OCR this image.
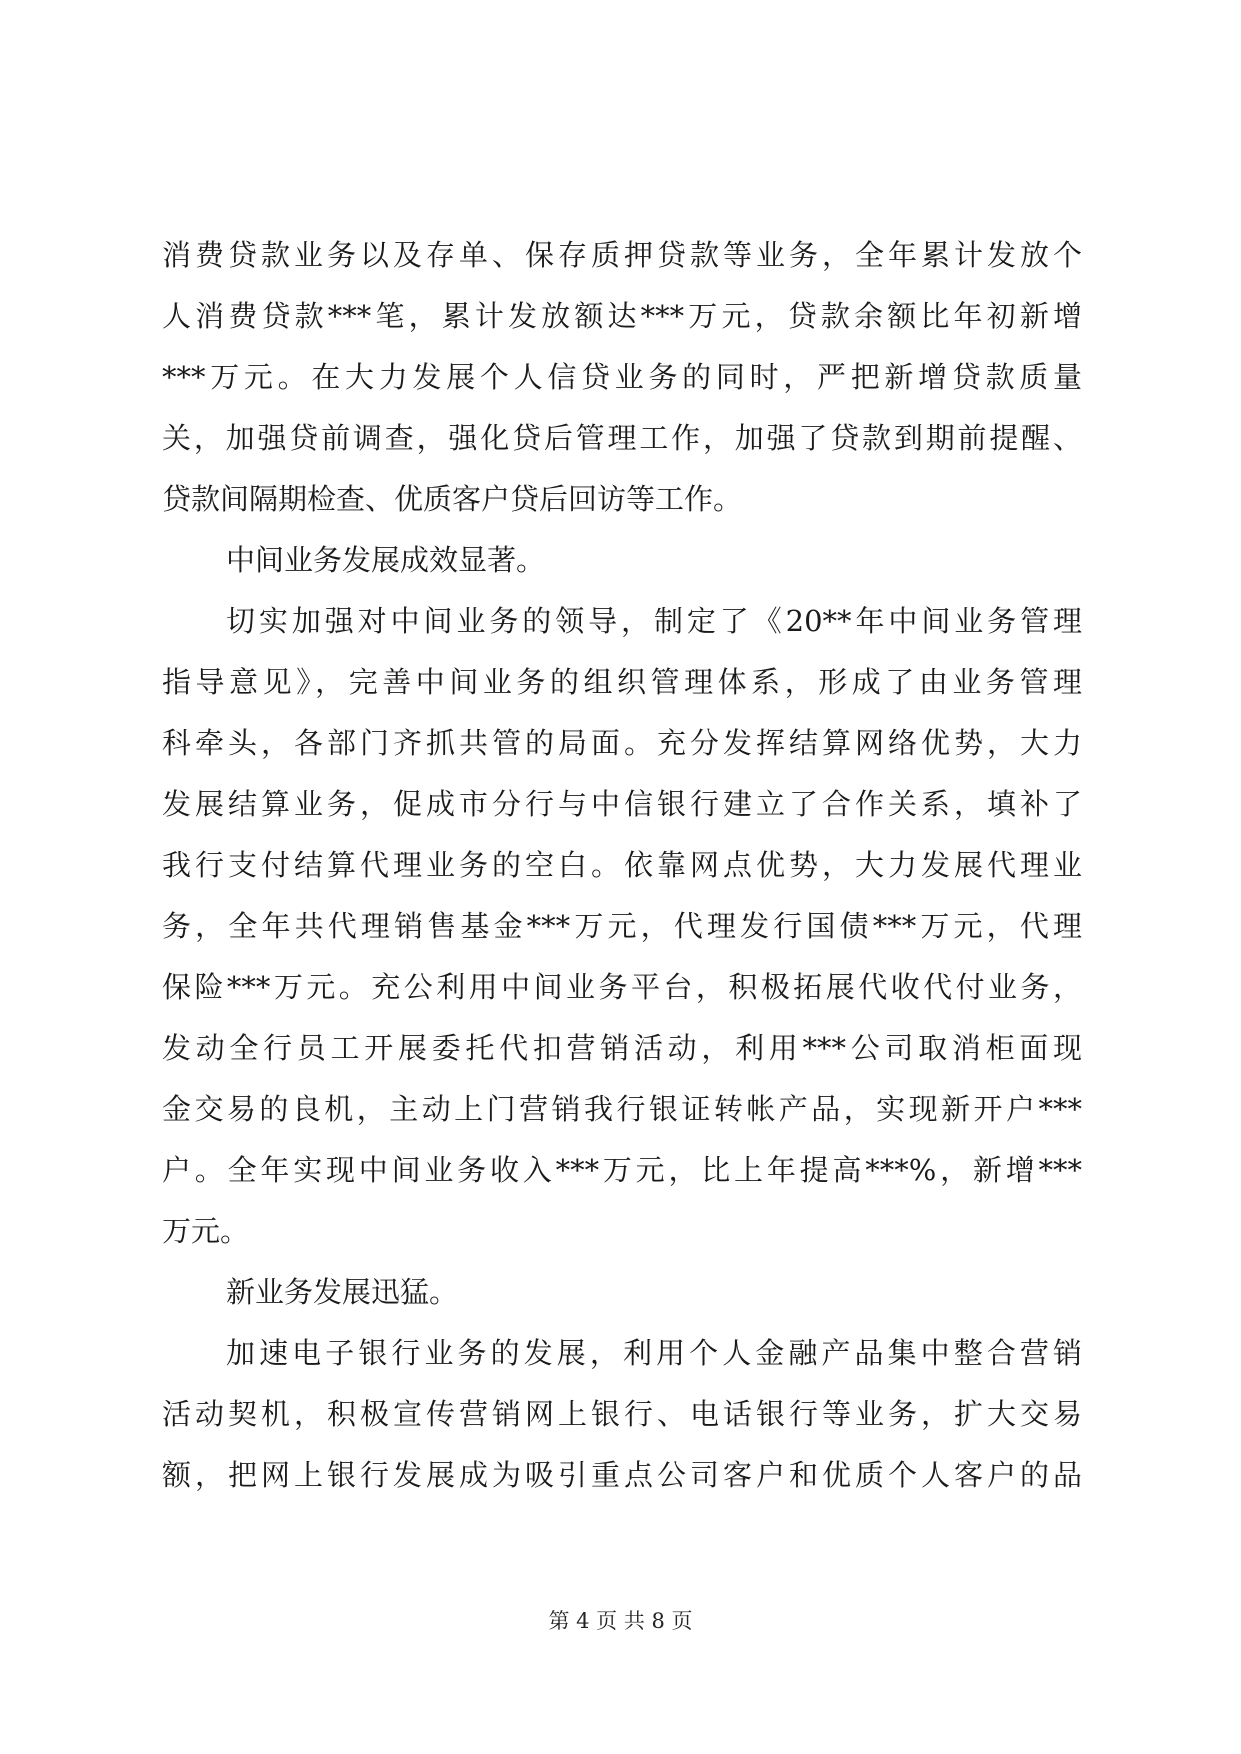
消费贷款业务以及存单、保存质押贷款等业务，全年累计发放个
人消费贷款***笔，累计发放额达***万元，贷款余额比年初新增
***万元。在大力发展个人信贷业务的同时，严把新增贷款质量
关，加强贷前调查，强化贷后管理工作，加强了贷款到期前提醒、
贷款间隔期检查、优质客户贷后回访等工作。
中间业务发展成效显著。
切实加强对中间业务的领导，制定了《20**年中间业务管理
指导意见》，完善中间业务的组织管理体系，形成了由业务管理
科牵头，各部门齐抓共管的局面。充分发挥结算网络优势，大力
发展结算业务，促成市分行与中信银行建立了合作关系，填补了
我行支付结算代理业务的空白。依靠网点优势，大力发展代理业
务，全年共代理销售基金***万元，代理发行国债***万元，代理
保险***万元。充公利用中间业务平台，积极拓展代收代付业务，
发动全行员工开展委托代扣营销活动，利用***公司取消柜面现
金交易的良机，主动上门营销我行银证转帐产品，实现新开户***
户。全年实现中间业务收入***万元，比上年提高***%，新增***
万元。
新业务发展迅猛。
加速电子银行业务的发展，利用个人金融产品集中整合营销
活动契机，积极宣传营销网上银行、电话银行等业务，扩大交易
额，把网上银行发展成为吸引重点公司客户和优质个人客户的品
第 4 页 共 8 页
